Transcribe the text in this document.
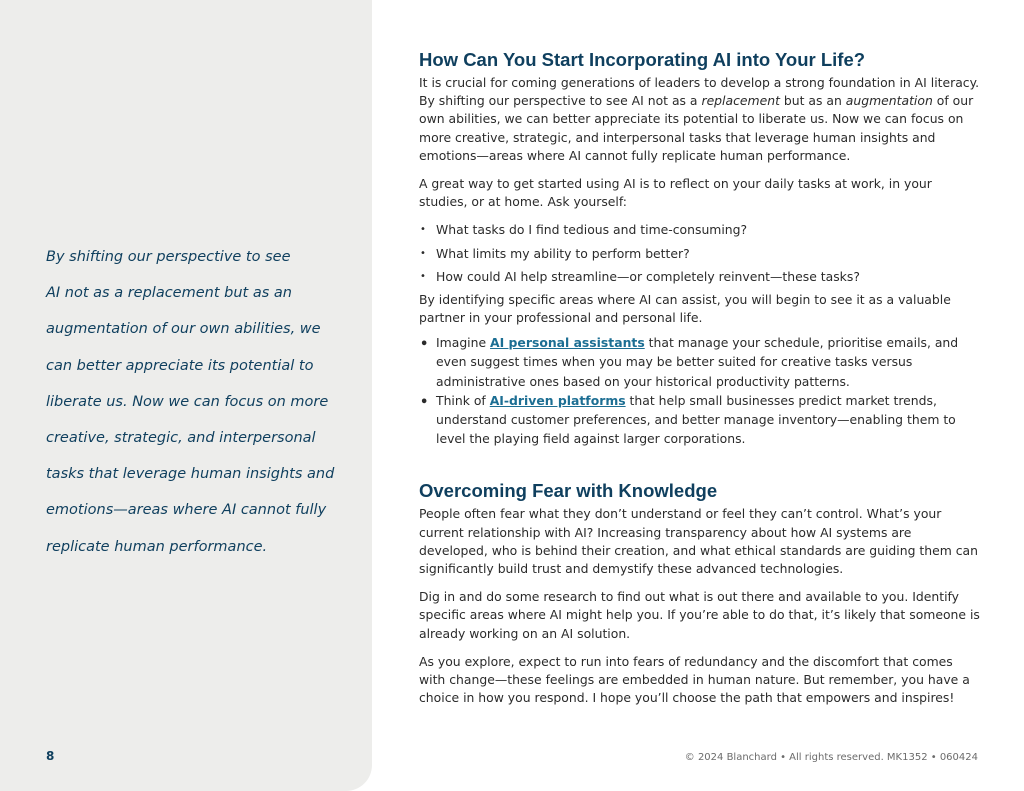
By shifting our perspective to see
AI not as a replacement but as an
augmentation of our own abilities, we
can better appreciate its potential to
liberate us. Now we can focus on more
creative, strategic, and interpersonal
tasks that leverage human insights and
emotions—areas where AI cannot fully
replicate human performance.

8
How Can You Start Incorporating AI into Your Life?

It is crucial for coming generations of leaders to develop a strong foundation in AI literacy. By shifting our perspective to see AI not as a replacement but as an augmentation of our own abilities, we can better appreciate its potential to liberate us. Now we can focus on more creative, strategic, and interpersonal tasks that leverage human insights and emotions—areas where AI cannot fully replicate human performance.

A great way to get started using AI is to reflect on your daily tasks at work, in your studies, or at home. Ask yourself:

• What tasks do I find tedious and time-consuming?
• What limits my ability to perform better?
• How could AI help streamline—or completely reinvent—these tasks?

By identifying specific areas where AI can assist, you will begin to see it as a valuable partner in your professional and personal life.

• Imagine AI personal assistants that manage your schedule, prioritise emails, and even suggest times when you may be better suited for creative tasks versus administrative ones based on your historical productivity patterns.
• Think of AI-driven platforms that help small businesses predict market trends, understand customer preferences, and better manage inventory—enabling them to level the playing field against larger corporations.
Overcoming Fear with Knowledge

People often fear what they don’t understand or feel they can’t control. What’s your current relationship with AI? Increasing transparency about how AI systems are developed, who is behind their creation, and what ethical standards are guiding them can significantly build trust and demystify these advanced technologies.

Dig in and do some research to find out what is out there and available to you. Identify specific areas where AI might help you. If you’re able to do that, it’s likely that someone is already working on an AI solution.

As you explore, expect to run into fears of redundancy and the discomfort that comes with change—these feelings are embedded in human nature. But remember, you have a choice in how you respond. I hope you’ll choose the path that empowers and inspires!

© 2024 Blanchard • All rights reserved. MK1352 • 060424
